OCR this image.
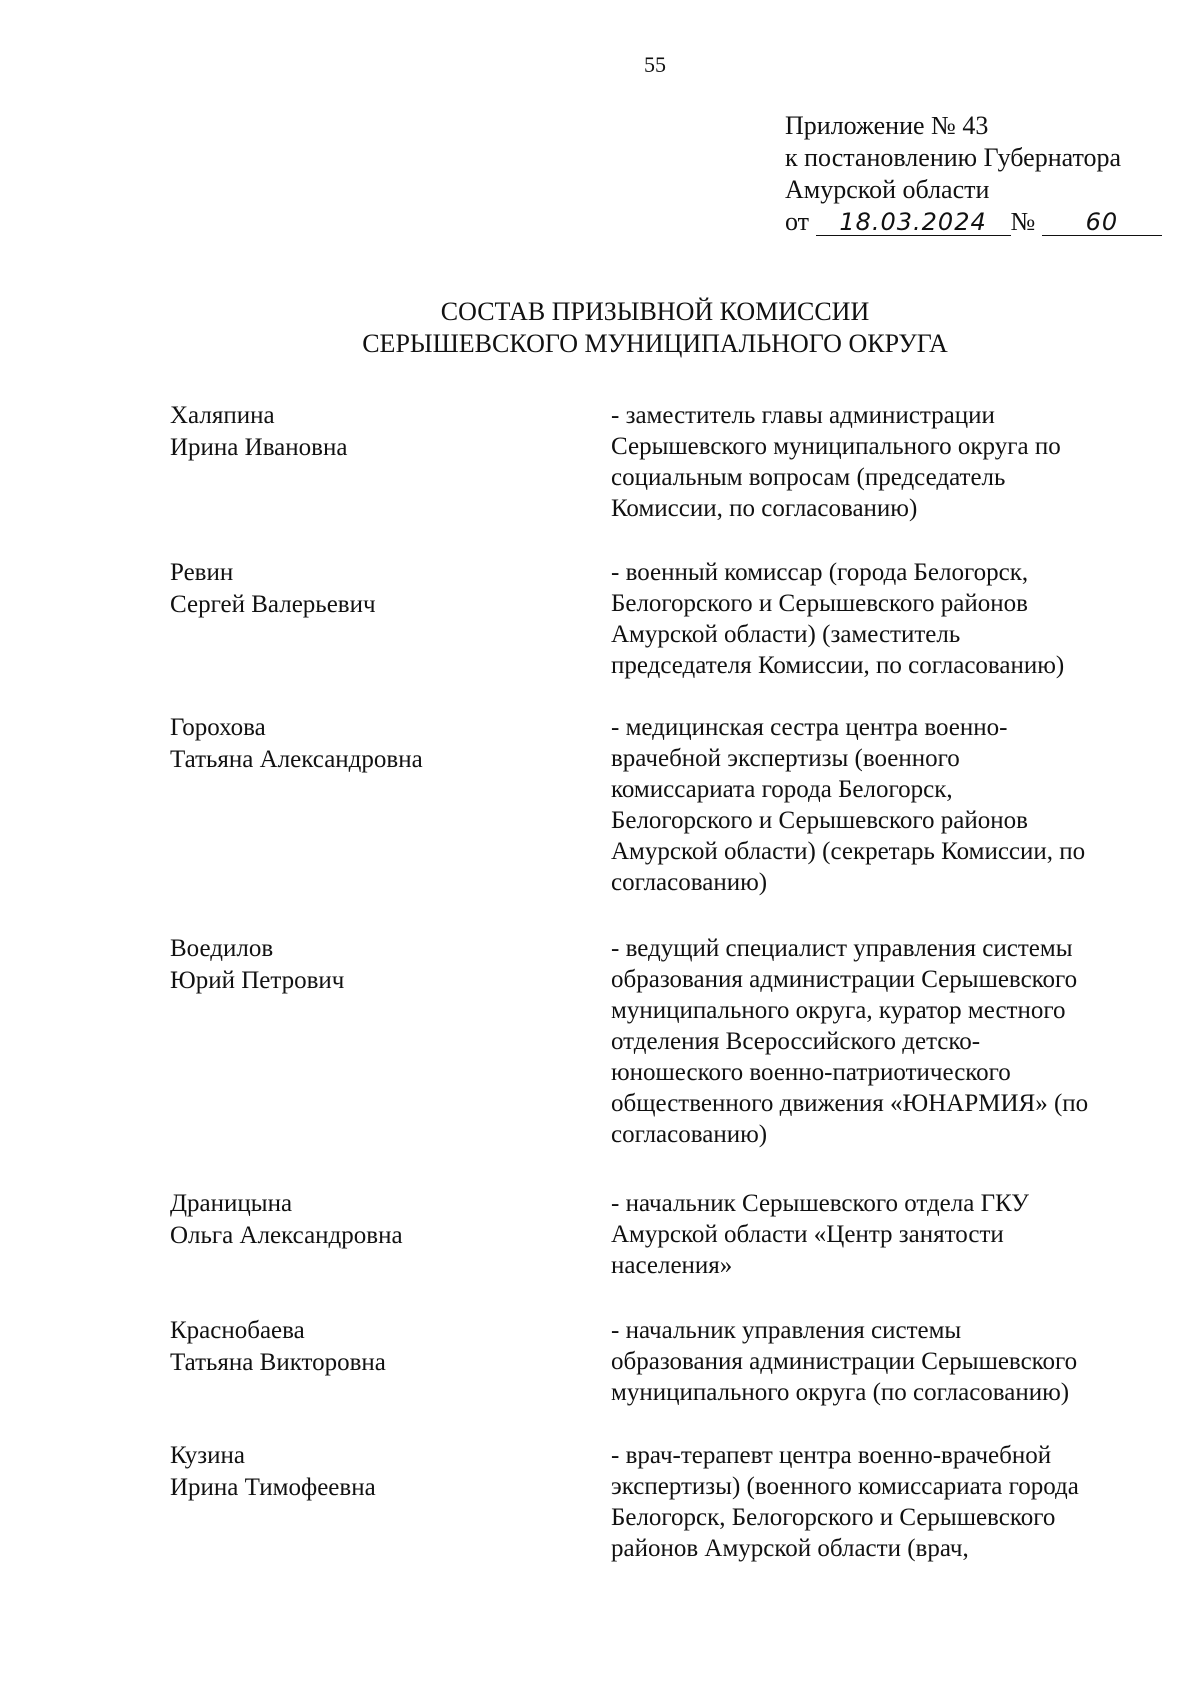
55
Приложение № 43
к постановлению Губернатора
Амурской области
от 18.03.2024 № 60
СОСТАВ ПРИЗЫВНОЙ КОМИССИИ
СЕРЫШЕВСКОГО МУНИЦИПАЛЬНОГО ОКРУГА
Халяпина
Ирина Ивановна
- заместитель главы администрации
Серышевского муниципального округа по
социальным вопросам (председатель
Комиссии, по согласованию)
Ревин
Сергей Валерьевич
- военный комиссар (города Белогорск,
Белогорского и Серышевского районов
Амурской области) (заместитель
председателя Комиссии, по согласованию)
Горохова
Татьяна Александровна
- медицинская сестра центра военно-
врачебной экспертизы (военного
комиссариата города Белогорск,
Белогорского и Серышевского районов
Амурской области) (секретарь Комиссии, по
согласованию)
Воедилов
Юрий Петрович
- ведущий специалист управления системы
образования администрации Серышевского
муниципального округа, куратор местного
отделения Всероссийского детско-
юношеского военно-патриотического
общественного движения «ЮНАРМИЯ» (по
согласованию)
Драницына
Ольга Александровна
- начальник Серышевского отдела ГКУ
Амурской области «Центр занятости
населения»
Краснобаева
Татьяна Викторовна
- начальник управления системы
образования администрации Серышевского
муниципального округа (по согласованию)
Кузина
Ирина Тимофеевна
- врач-терапевт центра военно-врачебной
экспертизы) (военного комиссариата города
Белогорск, Белогорского и Серышевского
районов Амурской области (врач,
